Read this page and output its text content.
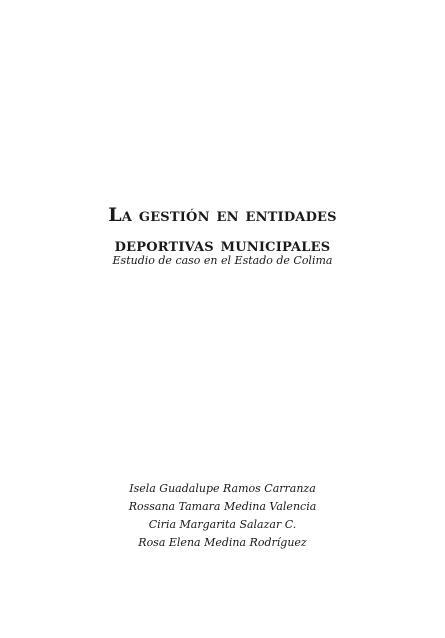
La gestión en entidades
deportivas municipales
Estudio de caso en el Estado de Colima
Isela Guadalupe Ramos Carranza
Rossana Tamara Medina Valencia
Ciria Margarita Salazar C.
Rosa Elena Medina Rodríguez
